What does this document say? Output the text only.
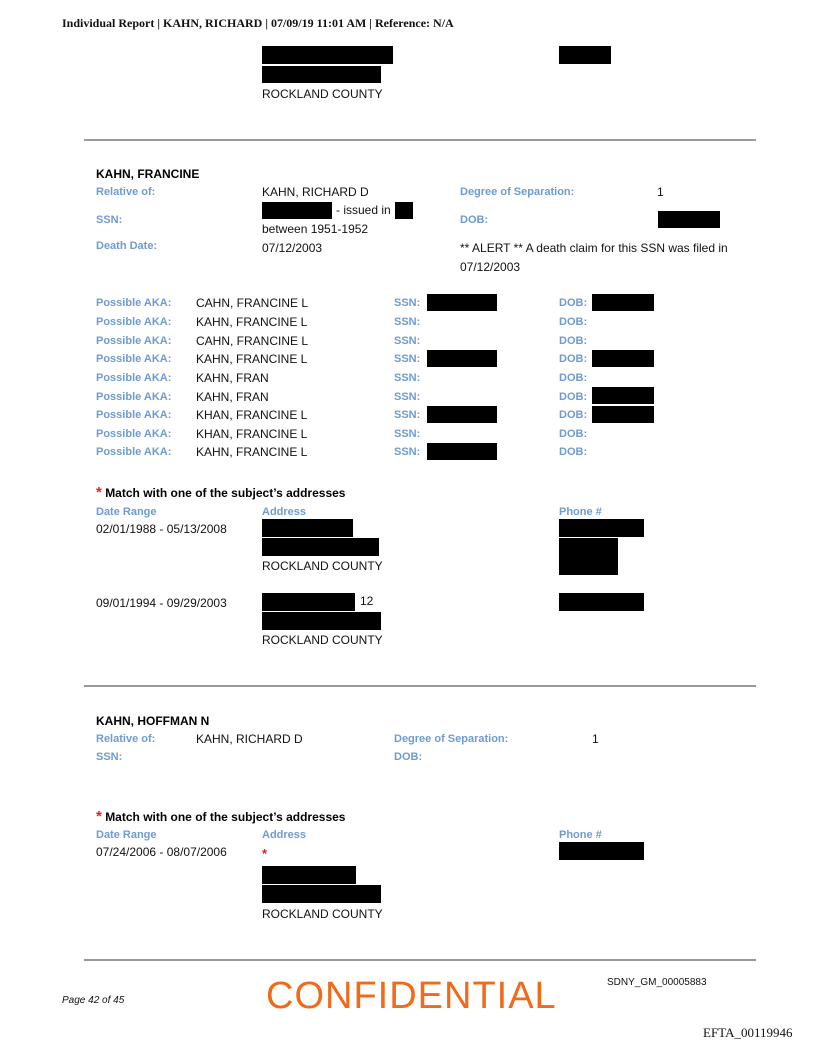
Individual Report | KAHN, RICHARD | 07/09/19 11:01 AM | Reference: N/A
ROCKLAND COUNTY
KAHN, FRANCINE
Relative of:	KAHN, RICHARD D	Degree of Separation:	1
SSN:
- issued in
between 1951-1952
DOB:
Death Date:	07/12/2003	** ALERT ** A death claim for this SSN was filed in
07/12/2003
Possible AKA: CAHN, FRANCINE L	SSN:	DOB:
Possible AKA: KAHN, FRANCINE L	SSN:	DOB:
Possible AKA: CAHN, FRANCINE L	SSN:	DOB:
Possible AKA: KAHN, FRANCINE L	SSN:	DOB:
Possible AKA: KAHN, FRAN	SSN:	DOB:
Possible AKA: KAHN, FRAN	SSN:	DOB:
Possible AKA: KHAN, FRANCINE L	SSN:	DOB:
Possible AKA: KHAN, FRANCINE L	SSN:	DOB:
Possible AKA: KAHN, FRANCINE L	SSN:	DOB:
* Match with one of the subject’s addresses
Date Range	Address	Phone #
02/01/1988 - 05/13/2008
ROCKLAND COUNTY
09/01/1994 - 09/29/2003	12
ROCKLAND COUNTY
KAHN, HOFFMAN N
Relative of:	KAHN, RICHARD D	Degree of Separation:	1
SSN:	DOB:
* Match with one of the subject’s addresses
Date Range	Address	Phone #
07/24/2006 - 08/07/2006	*
ROCKLAND COUNTY
Page 42 of 45	CONFIDENTIAL	SDNY_GM_00005883
EFTA_00119946
